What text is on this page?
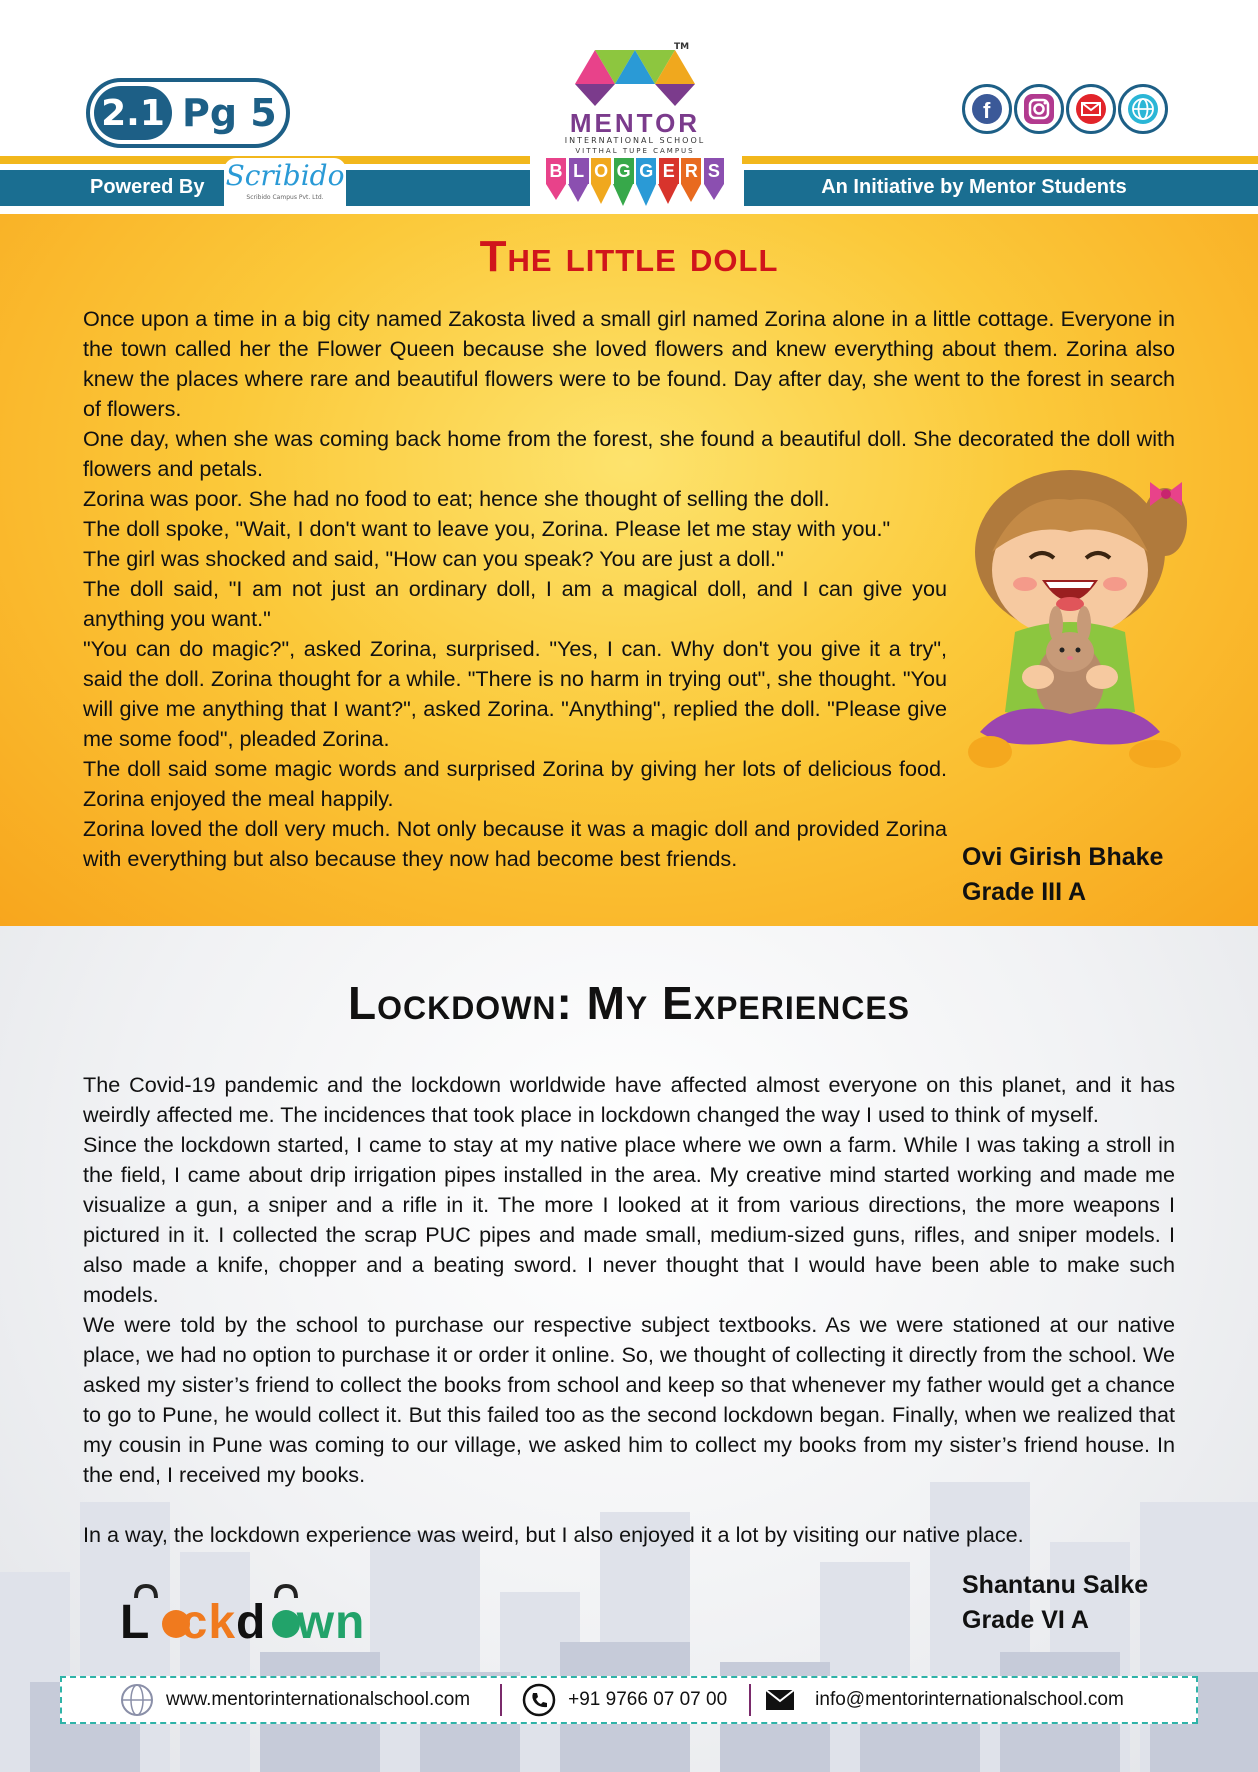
2.1 Pg 5
Powered By Scribido
Scribido Campus Pvt. Ltd.	An Initiative by Mentor Students
TM
MENTOR
INTERNATIONAL SCHOOL
VITTHAL TUPE CAMPUS
B L O G G E R S
f
The little doll

Once upon a time in a big city named Zakosta lived a small girl named Zorina alone in a little cottage. Everyone in the town called her the Flower Queen because she loved flowers and knew everything about them. Zorina also knew the places where rare and beautiful flowers were to be found. Day after day, she went to the forest in search of flowers.

One day, when she was coming back home from the forest, she found a beautiful doll. She decorated the doll with flowers and petals.

Zorina was poor. She had no food to eat; hence she thought of selling the doll.

The doll spoke, "Wait, I don't want to leave you, Zorina. Please let me stay with you."

The girl was shocked and said, "How can you speak? You are just a doll."

The doll said, "I am not just an ordinary doll, I am a magical doll, and I can give you anything you want."

"You can do magic?", asked Zorina, surprised. "Yes, I can. Why don't you give it a try", said the doll. Zorina thought for a while. "There is no harm in trying out", she thought. "You will give me anything that I want?", asked Zorina. "Anything", replied the doll. "Please give me some food", pleaded Zorina.

The doll said some magic words and surprised Zorina by giving her lots of delicious food. Zorina enjoyed the meal happily.

Zorina loved the doll very much. Not only because it was a magic doll and provided Zorina with everything but also because they now had become best friends.	Ovi Girish Bhake
Grade III A
Lockdown: My Experiences

The Covid-19 pandemic and the lockdown worldwide have affected almost everyone on this planet, and it has weirdly affected me. The incidences that took place in lockdown changed the way I used to think of myself.

Since the lockdown started, I came to stay at my native place where we own a farm. While I was taking a stroll in the field, I came about drip irrigation pipes installed in the area. My creative mind started working and made me visualize a gun, a sniper and a rifle in it. The more I looked at it from various directions, the more weapons I pictured in it. I collected the scrap PUC pipes and made small, medium-sized guns, rifles, and sniper models. I also made a knife, chopper and a beating sword. I never thought that I would have been able to make such models.

We were told by the school to purchase our respective subject textbooks. As we were stationed at our native place, we had no option to purchase it or order it online. So, we thought of collecting it directly from the school. We asked my sister’s friend to collect the books from school and keep so that whenever my father would get a chance to go to Pune, he would collect it. But this failed too as the second lockdown began. Finally, when we realized that my cousin in Pune was coming to our village, we asked him to collect my books from my sister’s friend house. In the end, I received my books.

In a way, the lockdown experience was weird, but I also enjoyed it a lot by visiting our native place.

Shantanu Salke
Grade VI A
Lockdown
www.mentorinternationalschool.com	+91 9766 07 07 00	info@mentorinternationalschool.com
